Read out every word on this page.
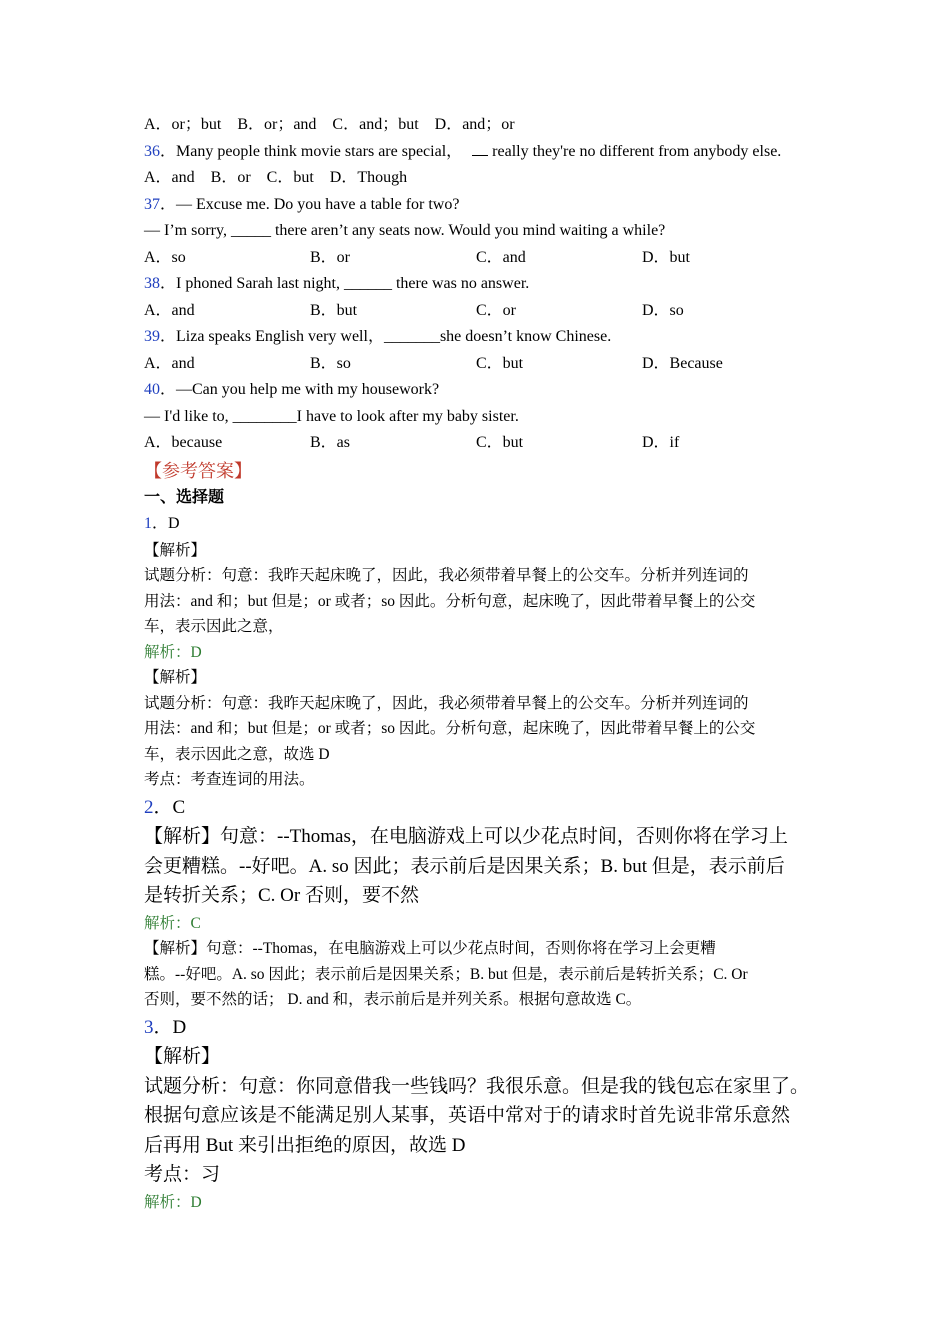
A．or；but　B．or；and　C．and；but　D．and；or
36．Many people think movie stars are special， really they're no different from anybody else.
A．and　B．or　C．but　D．Though
37．— Excuse me. Do you have a table for two?
— I’m sorry, _____ there aren’t any seats now. Would you mind waiting a while?
A．so	B．or	C．and	D．but
38．I phoned Sarah last night, ______ there was no answer.
A．and	B．but	C．or	D．so
39．Liza speaks English very well，_______she doesn’t know Chinese.
A．and	B．so	C．but	D．Because
40．—Can you help me with my housework?
— I'd like to, ________I have to look after my baby sister.
A．because	B．as	C．but	D．if
【参考答案】
一、选择题
1．D
【解析】
试题分析：句意：我昨天起床晚了，因此，我必须带着早餐上的公交车。分析并列连词的
用法：and 和；but 但是；or 或者；so 因此。分析句意，起床晚了，因此带着早餐上的公交
车，表示因此之意，
解析：D
【解析】
试题分析：句意：我昨天起床晚了，因此，我必须带着早餐上的公交车。分析并列连词的
用法：and 和；but 但是；or 或者；so 因此。分析句意，起床晚了，因此带着早餐上的公交
车，表示因此之意，故选 D
考点：考查连词的用法。
2．C
【解析】句意：--Thomas，在电脑游戏上可以少花点时间，否则你将在学习上
会更糟糕。--好吧。A. so 因此；表示前后是因果关系；B. but 但是，表示前后
是转折关系；C. Or 否则，要不然
解析：C
【解析】句意：--Thomas，在电脑游戏上可以少花点时间，否则你将在学习上会更糟
糕。--好吧。A. so 因此；表示前后是因果关系；B. but 但是，表示前后是转折关系；C. Or
否则，要不然的话； D. and 和，表示前后是并列关系。根据句意故选 C。
3．D
【解析】
试题分析：句意：你同意借我一些钱吗？我很乐意。但是我的钱包忘在家里了。
根据句意应该是不能满足别人某事，英语中常对于的请求时首先说非常乐意然
后再用 But 来引出拒绝的原因，故选 D
考点：习
解析：D
